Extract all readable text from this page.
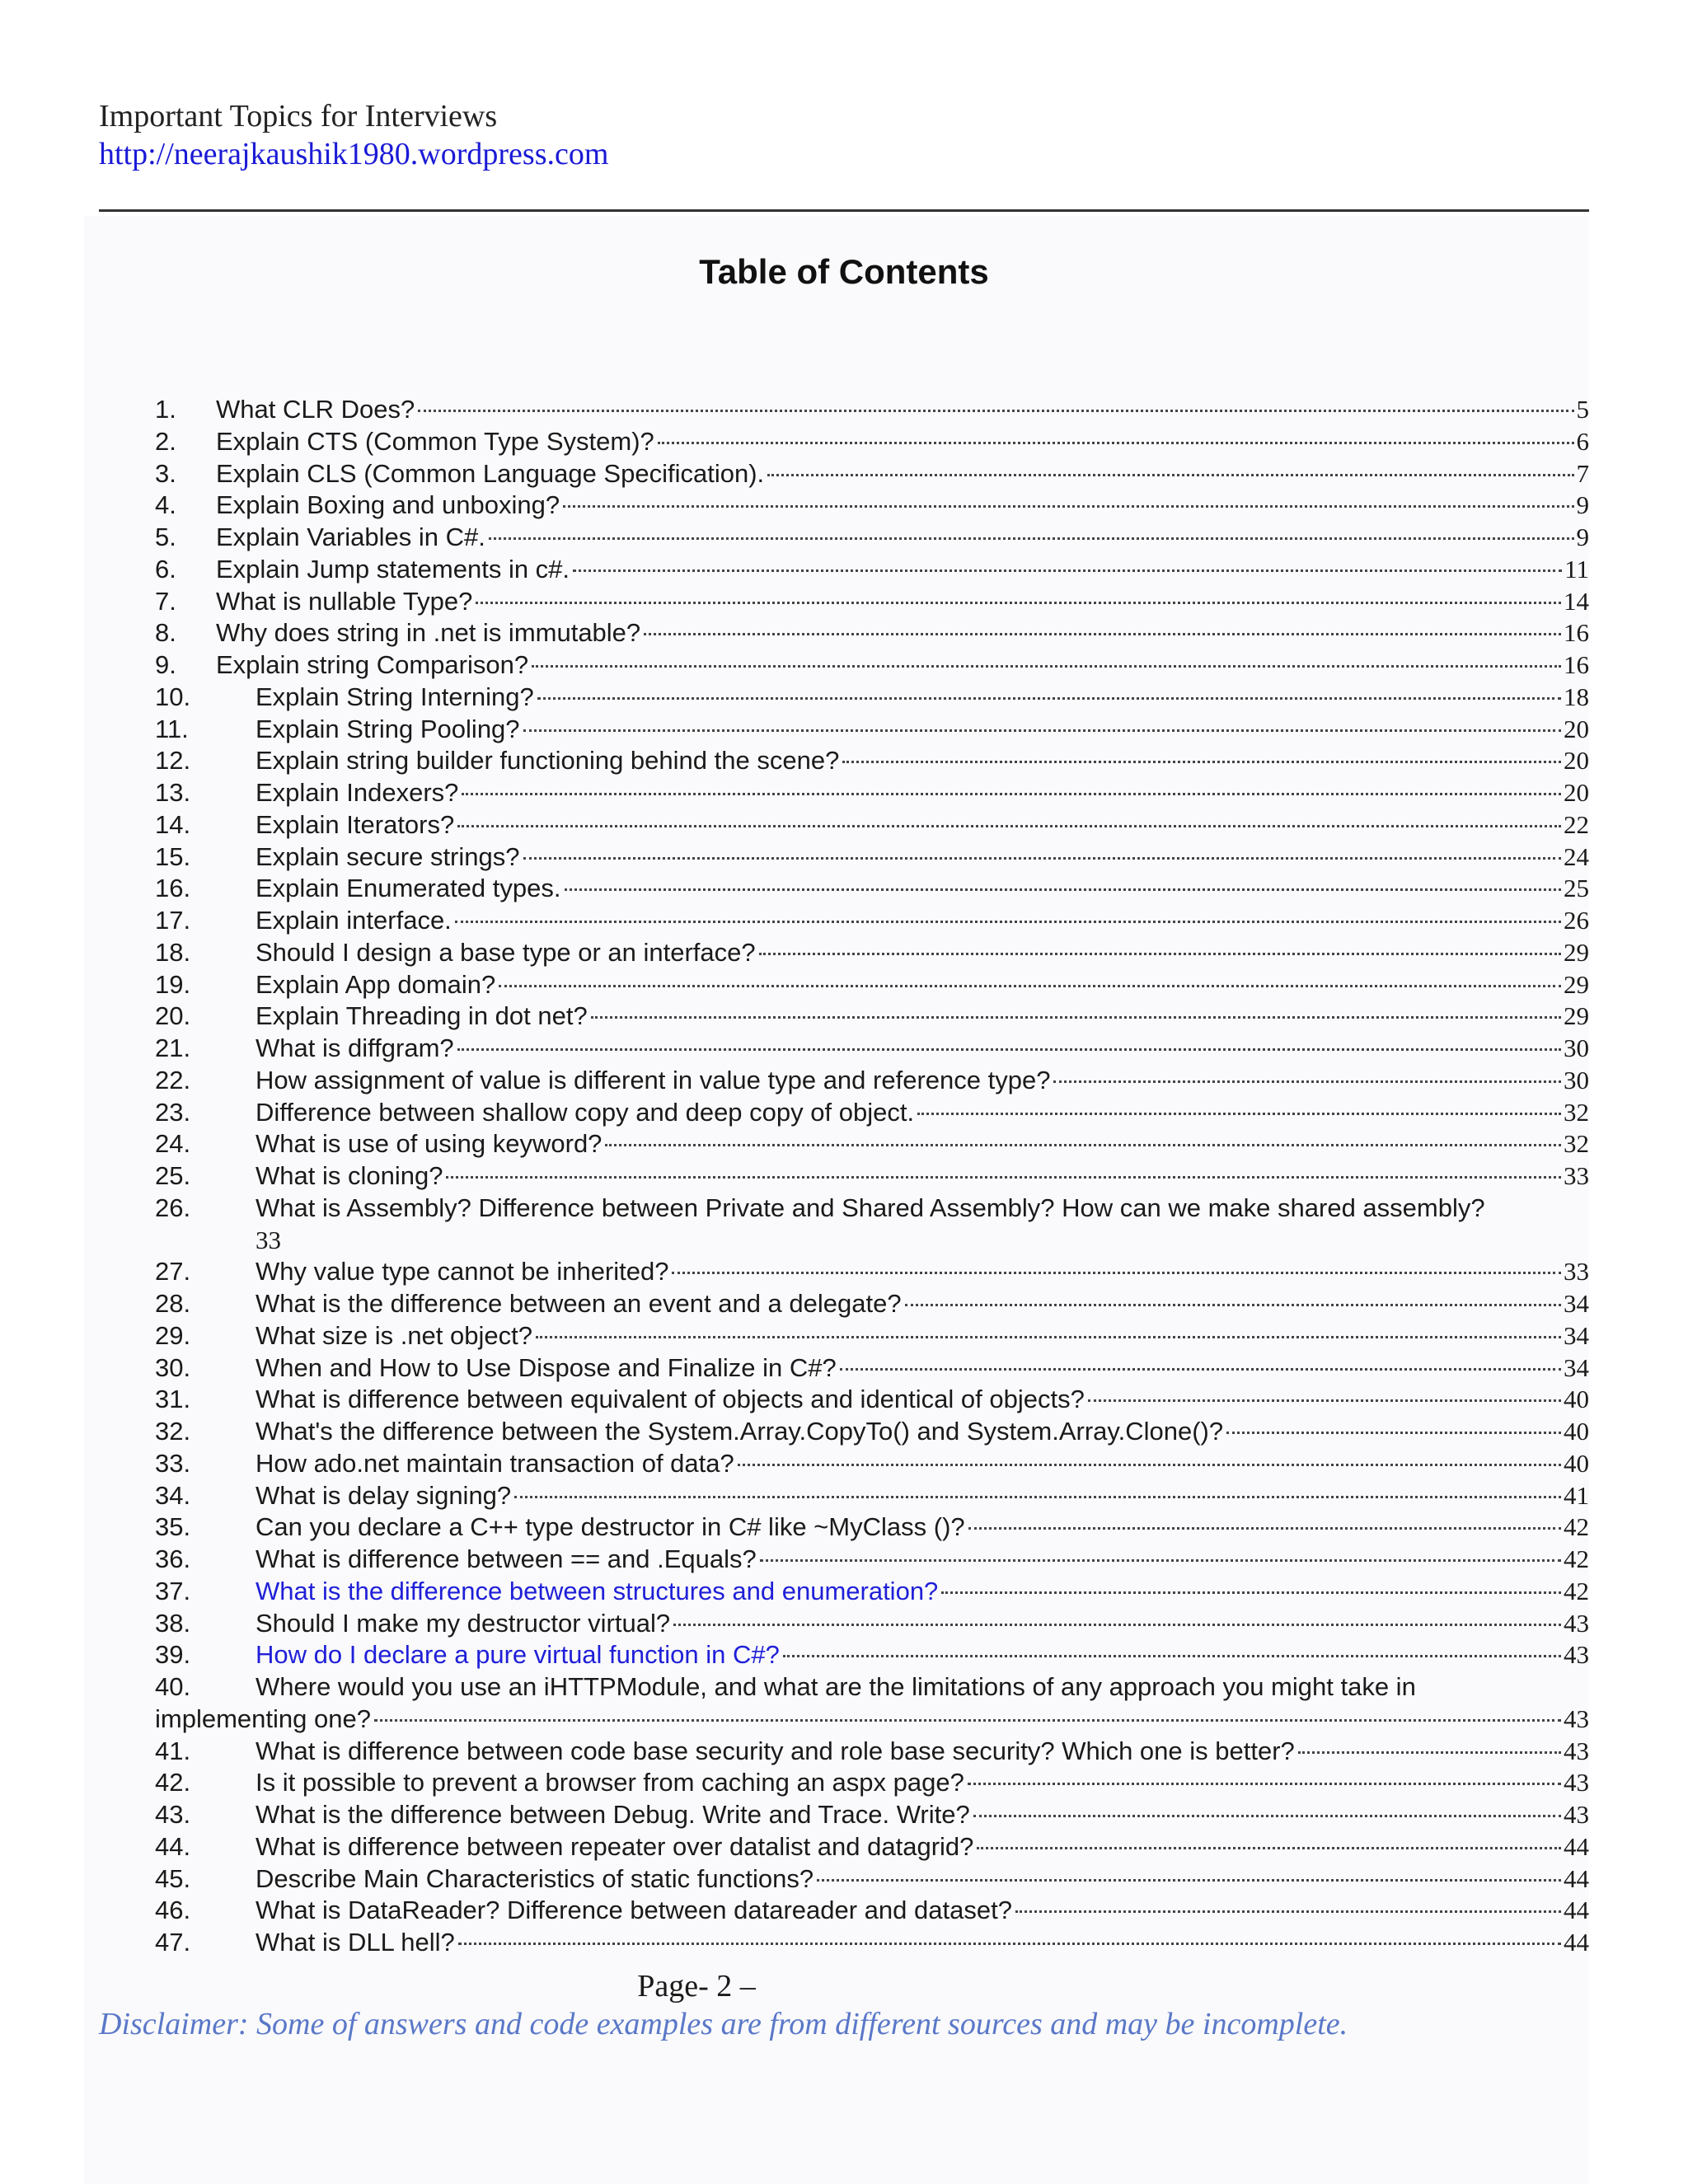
Important Topics for Interviews
http://neerajkaushik1980.wordpress.com
Table of Contents
1.	What CLR Does?	5
2.	Explain CTS (Common Type System)?	6
3.	Explain CLS (Common Language Specification).	7
4.	Explain Boxing and unboxing?	9
5.	Explain Variables in C#.	9
6.	Explain Jump statements in c#.	11
7.	What is nullable Type?	14
8.	Why does string in .net is immutable?	16
9.	Explain string Comparison?	16
10.	Explain String Interning?	18
11.	Explain String Pooling?	20
12.	Explain string builder functioning behind the scene?	20
13.	Explain Indexers?	20
14.	Explain Iterators?	22
15.	Explain secure strings?	24
16.	Explain Enumerated types.	25
17.	Explain interface.	26
18.	Should I design a base type or an interface?	29
19.	Explain App domain?	29
20.	Explain Threading in dot net?	29
21.	What is diffgram?	30
22.	How assignment of value is different in value type and reference type?	30
23.	Difference between shallow copy and deep copy of object.	32
24.	What is use of using keyword?	32
25.	What is cloning?	33
26.	What is Assembly? Difference between Private and Shared Assembly? How can we make shared assembly?
33
27.	Why value type cannot be inherited?	33
28.	What is the difference between an event and a delegate?	34
29.	What size is .net object?	34
30.	When and How to Use Dispose and Finalize in C#?	34
31.	What is difference between equivalent of objects and identical of objects?	40
32.	What's the difference between the System.Array.CopyTo() and System.Array.Clone()?	40
33.	How ado.net maintain transaction of data?	40
34.	What is delay signing?	41
35.	Can you declare a C++ type destructor in C# like ~MyClass ()?	42
36.	What is difference between == and .Equals?	42
37.	What is the difference between structures and enumeration?	42
38.	Should I make my destructor virtual?	43
39.	How do I declare a pure virtual function in C#?	43
40.	Where would you use an iHTTPModule, and what are the limitations of any approach you might take in
implementing one?	43
41.	What is difference between code base security and role base security? Which one is better?	43
42.	Is it possible to prevent a browser from caching an aspx page?	43
43.	What is the difference between Debug. Write and Trace. Write?	43
44.	What is difference between repeater over datalist and datagrid?	44
45.	Describe Main Characteristics of static functions?	44
46.	What is DataReader? Difference between datareader and dataset?	44
47.	What is DLL hell?	44
Page- 2 –
Disclaimer: Some of answers and code examples are from different sources and may be incomplete.
